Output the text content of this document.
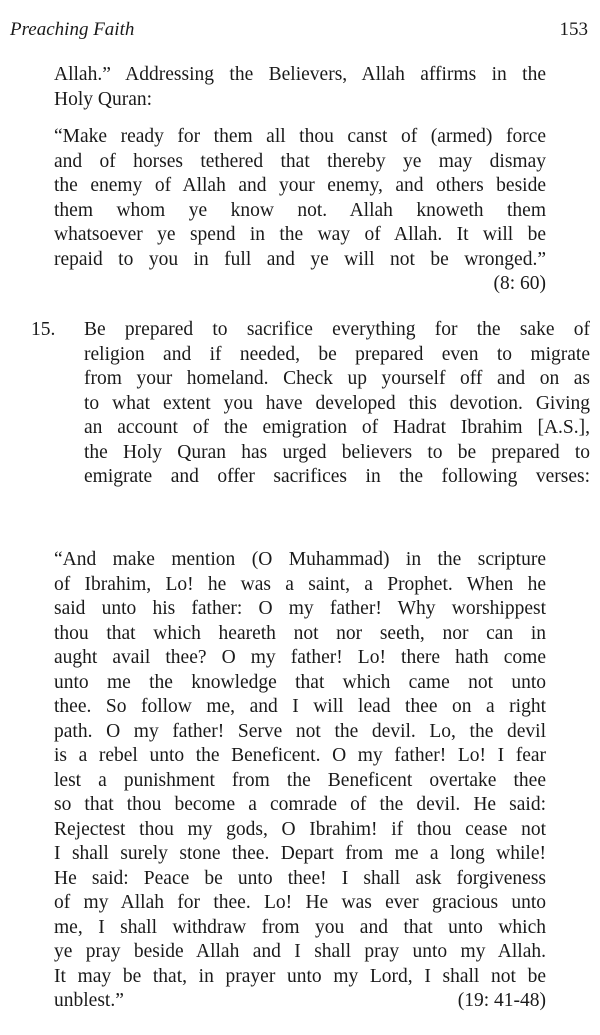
Preaching Faith	153
Allah.” Addressing the Believers, Allah affirms in the
Holy Quran:
“Make ready for them all thou canst of (armed) force
and of horses tethered that thereby ye may dismay
the enemy of Allah and your enemy, and others beside
them whom ye know not. Allah knoweth them
whatsoever ye spend in the way of Allah. It will be
repaid to you in full and ye will not be wronged.”
(8: 60)
15. Be prepared to sacrifice everything for the sake of
religion and if needed, be prepared even to migrate
from your homeland. Check up yourself off and on as
to what extent you have developed this devotion. Giving
an account of the emigration of Hadrat Ibrahim [A.S.],
the Holy Quran has urged believers to be prepared to
emigrate and offer sacrifices in the following verses:
“And make mention (O Muhammad) in the scripture
of Ibrahim, Lo! he was a saint, a Prophet. When he
said unto his father: O my father! Why worshippest
thou that which heareth not nor seeth, nor can in
aught avail thee? O my father! Lo! there hath come
unto me the knowledge that which came not unto
thee. So follow me, and I will lead thee on a right
path. O my father! Serve not the devil. Lo, the devil
is a rebel unto the Beneficent. O my father! Lo! I fear
lest a punishment from the Beneficent overtake thee
so that thou become a comrade of the devil. He said:
Rejectest thou my gods, O Ibrahim! if thou cease not
I shall surely stone thee. Depart from me a long while!
He said: Peace be unto thee! I shall ask forgiveness
of my Allah for thee. Lo! He was ever gracious unto
me, I shall withdraw from you and that unto which
ye pray beside Allah and I shall pray unto my Allah.
It may be that, in prayer unto my Lord, I shall not be
unblest.”	(19: 41-48)
